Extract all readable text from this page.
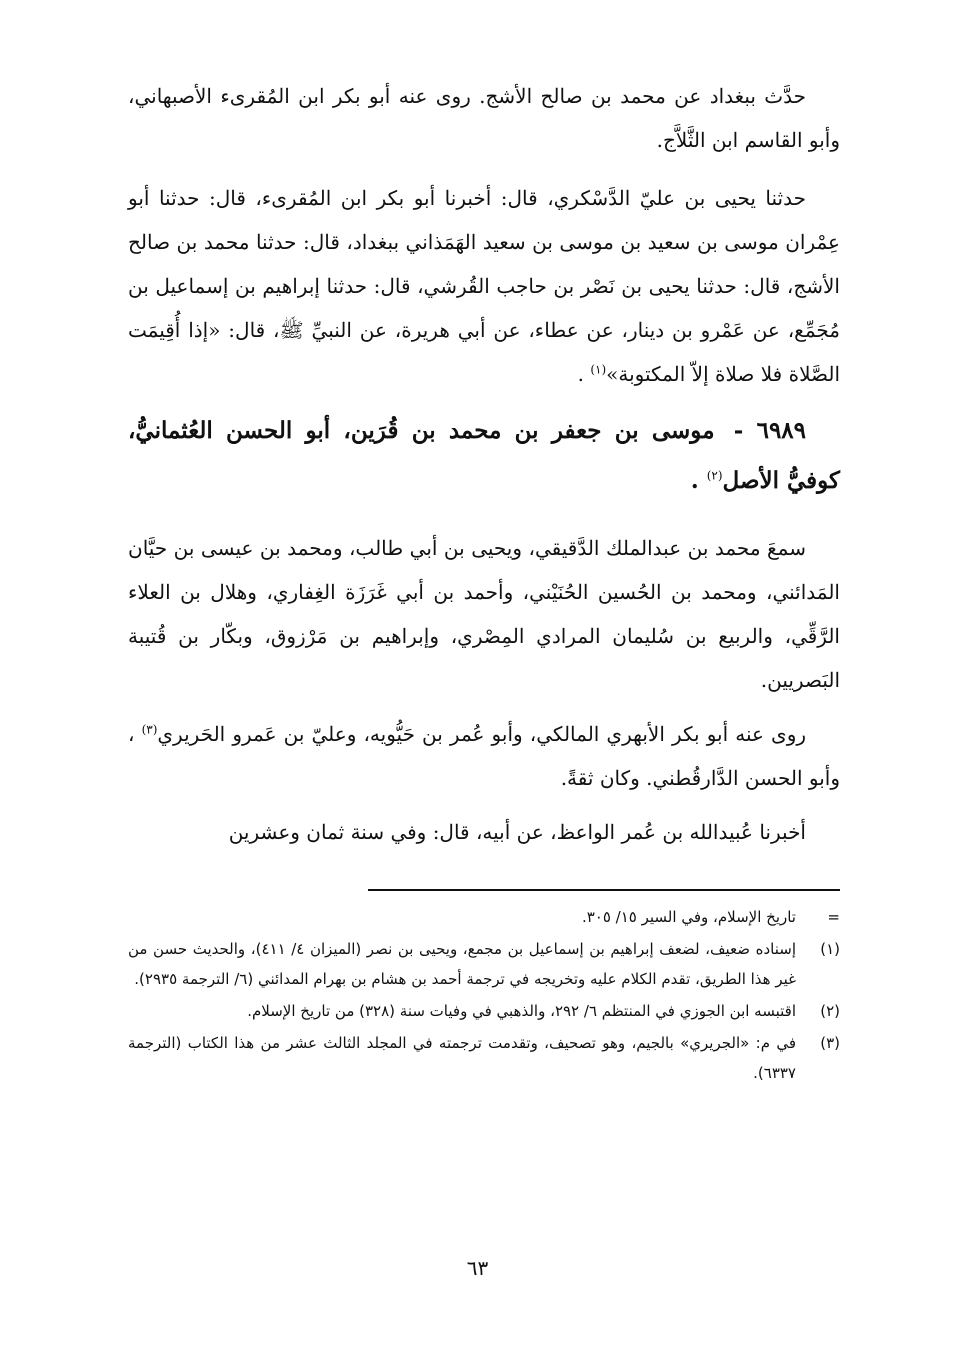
حدَّث ببغداد عن محمد بن صالح الأشج. روى عنه أبو بكر ابن المُقرىء الأصبهاني، وأبو القاسم ابن الثَّلاَّج.

حدثنا يحيى بن عليّ الدَّسْكري، قال: أخبرنا أبو بكر ابن المُقرىء، قال: حدثنا أبو عِمْران موسى بن سعيد بن موسى بن سعيد الهَمَذاني ببغداد، قال: حدثنا محمد بن صالح الأشج، قال: حدثنا يحيى بن نَصْر بن حاجب القُرشي، قال: حدثنا إبراهيم بن إسماعيل بن مُجَمِّع، عن عَمْرو بن دينار، عن عطاء، عن أبي هريرة، عن النبيِّ ﷺ، قال: «إذا أُقِيمَت الصَّلاة فلا صلاة إلاّ المكتوبة»$^{(١)}$ .

٦٩٨٩ - موسى بن جعفر بن محمد بن قُرَين، أبو الحسن العُثمانيُّ، كوفيُّ الأصل$^{(٢)}$ .

سمعَ محمد بن عبدالملك الدَّقيقي، ويحيى بن أبي طالب، ومحمد بن عيسى بن حيَّان المَدائني، ومحمد بن الحُسين الحُنَيْني، وأحمد بن أبي غَرَزَة الغِفاري، وهلال بن العلاء الرَّقِّي، والربيع بن سُليمان المرادي المِصْري، وإبراهيم بن مَرْزوق، وبكّار بن قُتيبة البَصريين.

روى عنه أبو بكر الأبهري المالكي، وأبو عُمر بن حَيُّويه، وعليّ بن عَمرو الحَريري$^{(٣)}$ ، وأبو الحسن الدَّارقُطني. وكان ثقةً.

أخبرنا عُبيدالله بن عُمر الواعظ، عن أبيه، قال: وفي سنة ثمان وعشرين

=
تاريخ الإسلام، وفي السير ١٥/ ٣٠٥.
(١)
إسناده ضعيف، لضعف إبراهيم بن إسماعيل بن مجمع، ويحيى بن نصر (الميزان ٤/ ٤١١)، والحديث حسن من غير هذا الطريق، تقدم الكلام عليه وتخريجه في ترجمة أحمد بن هشام بن بهرام المدائني (٦/ الترجمة ٢٩٣٥).
(٢)
اقتبسه ابن الجوزي في المنتظم ٦/ ٢٩٢، والذهبي في وفيات سنة (٣٢٨) من تاريخ الإسلام.
(٣)
في م: «الجريري» بالجيم، وهو تصحيف، وتقدمت ترجمته في المجلد الثالث عشر من هذا الكتاب (الترجمة ٦٣٣٧).
٦٣
